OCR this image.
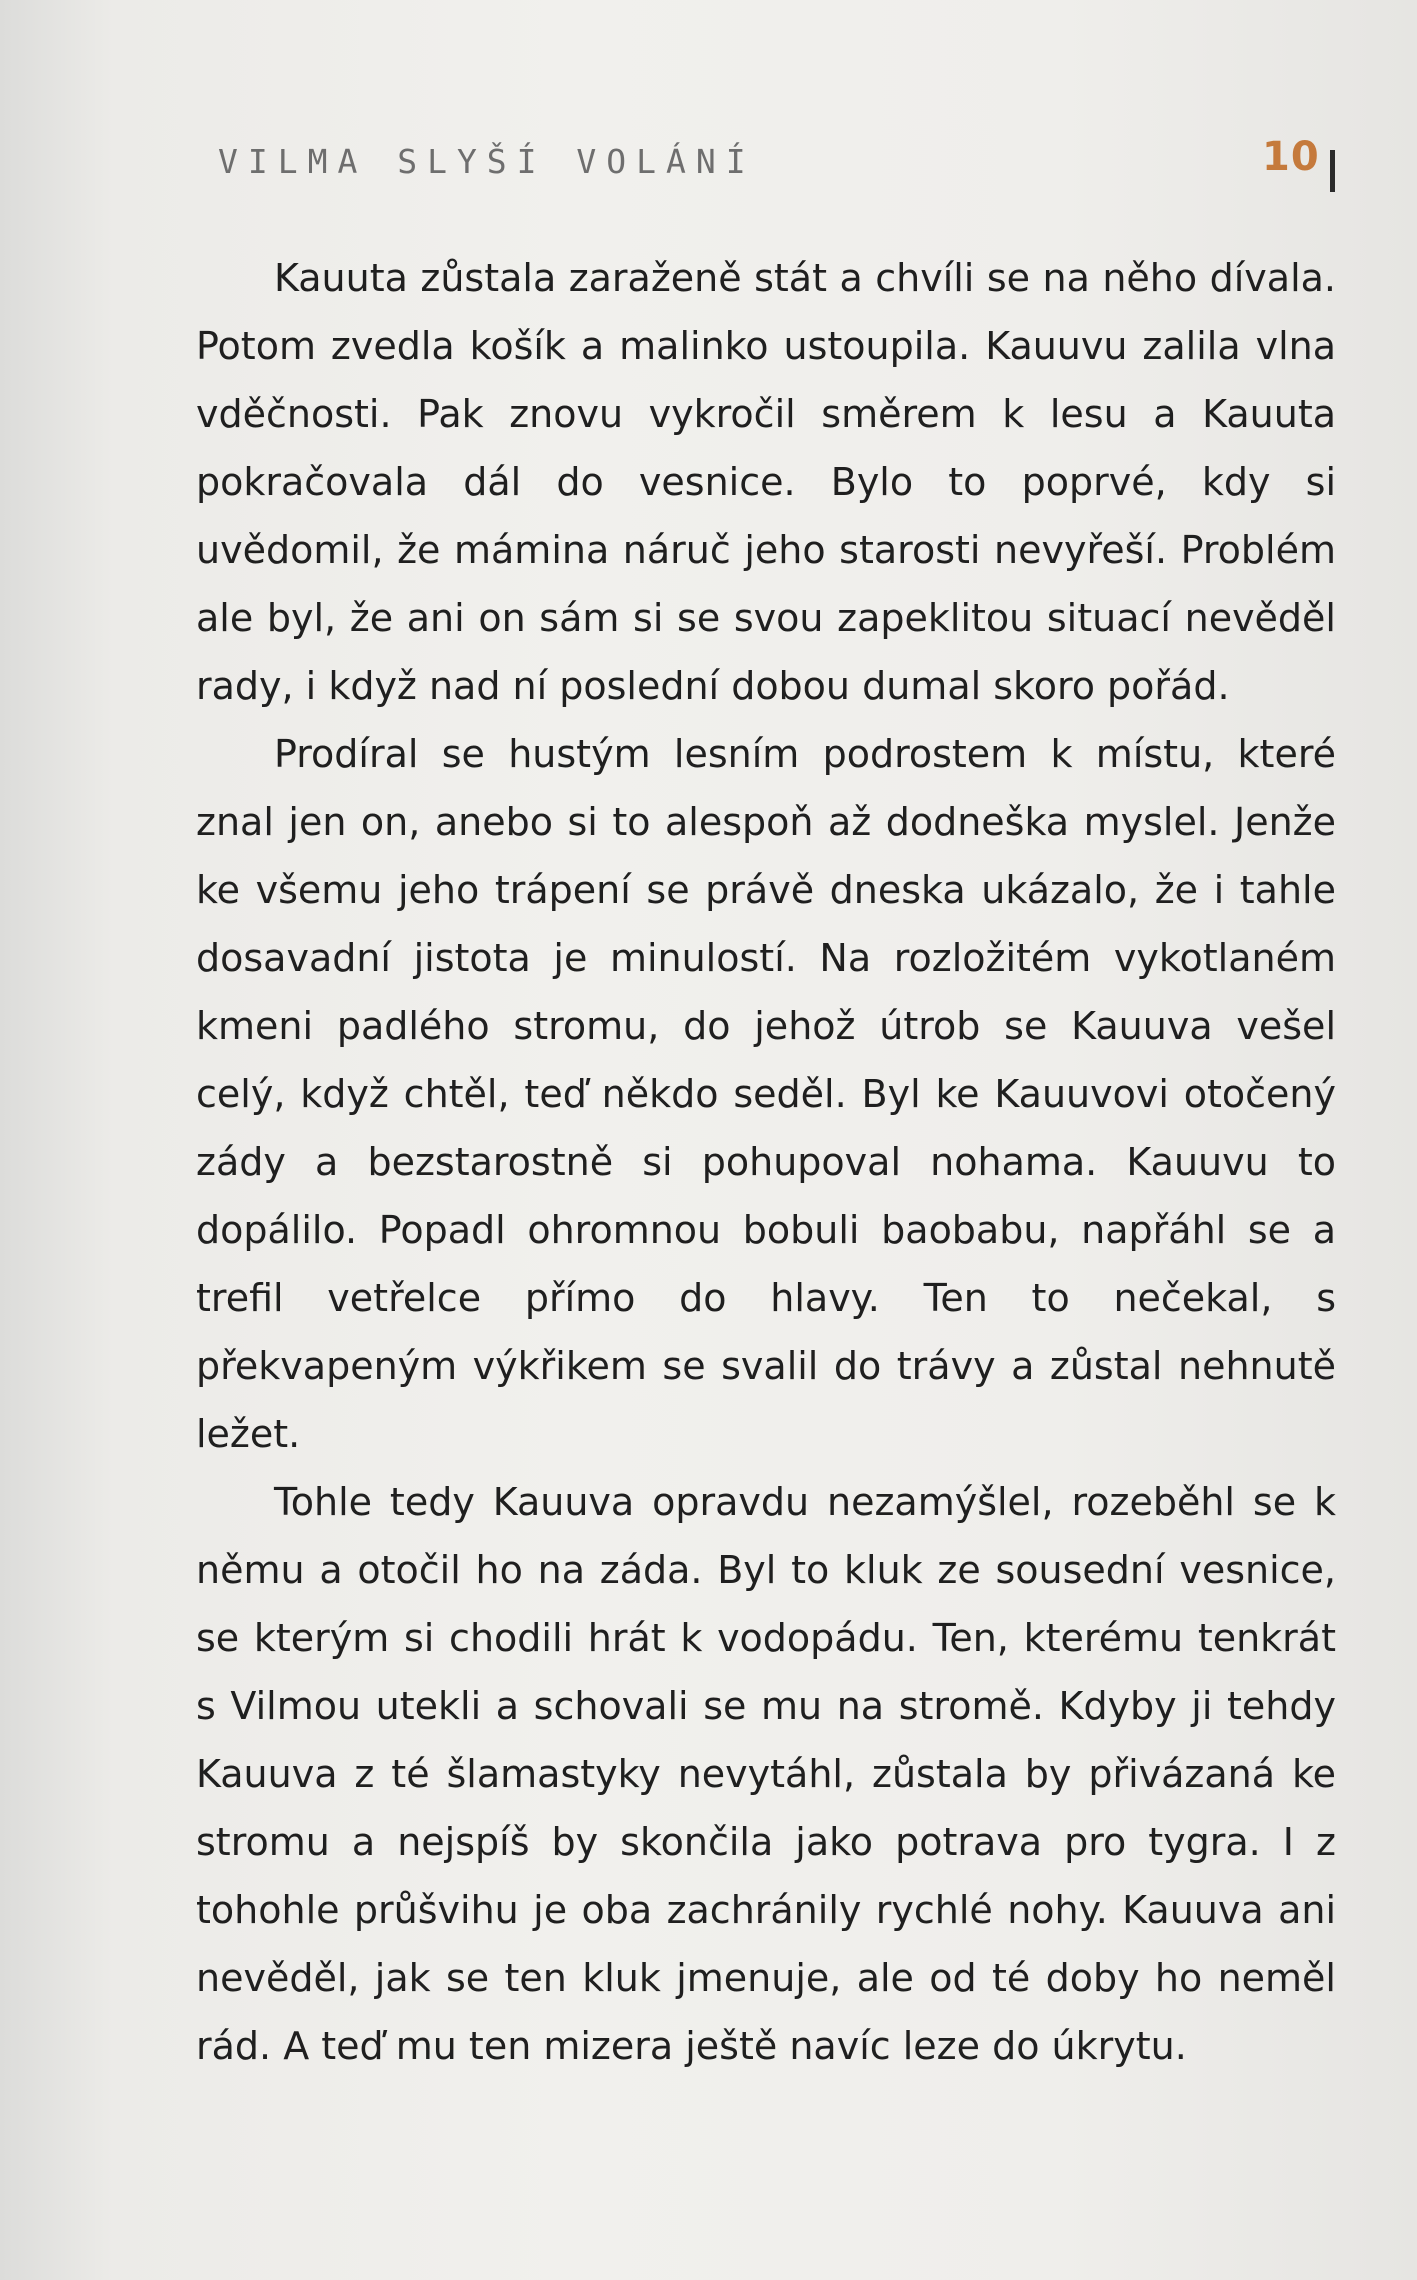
VILMA SLYŠÍ VOLÁNÍ	10

Kauuta zůstala zaraženě stát a chvíli se na něho dívala. Potom zvedla košík a malinko ustoupila. Kauuvu zalila vlna vděčnosti. Pak znovu vykročil směrem k lesu a Kauuta pokračovala dál do vesnice. Bylo to poprvé, kdy si uvědomil, že mámina náruč jeho starosti nevyřeší. Problém ale byl, že ani on sám si se svou zapeklitou situací nevěděl rady, i když nad ní poslední dobou dumal skoro pořád.

Prodíral se hustým lesním podrostem k místu, které znal jen on, anebo si to alespoň až dodneška myslel. Jenže ke všemu jeho trápení se právě dneska ukázalo, že i tahle dosavadní jistota je minulostí. Na rozložitém vykotlaném kmeni padlého stromu, do jehož útrob se Kauuva vešel celý, když chtěl, teď někdo seděl. Byl ke Kauuvovi otočený zády a bezstarostně si pohupoval nohama. Kauuvu to dopálilo. Popadl ohromnou bobuli baobabu, napřáhl se a trefil vetřelce přímo do hlavy. Ten to nečekal, s překvapeným výkřikem se svalil do trávy a zůstal nehnutě ležet.

Tohle tedy Kauuva opravdu nezamýšlel, rozeběhl se k němu a otočil ho na záda. Byl to kluk ze sousední vesnice, se kterým si chodili hrát k vodopádu. Ten, kterému tenkrát s Vilmou utekli a schovali se mu na stromě. Kdyby ji tehdy Kauuva z té šlamastyky nevytáhl, zůstala by přivázaná ke stromu a nejspíš by skončila jako potrava pro tygra. I z tohohle průšvihu je oba zachránily rychlé nohy. Kauuva ani nevěděl, jak se ten kluk jmenuje, ale od té doby ho neměl rád. A teď mu ten mizera ještě navíc leze do úkrytu.
